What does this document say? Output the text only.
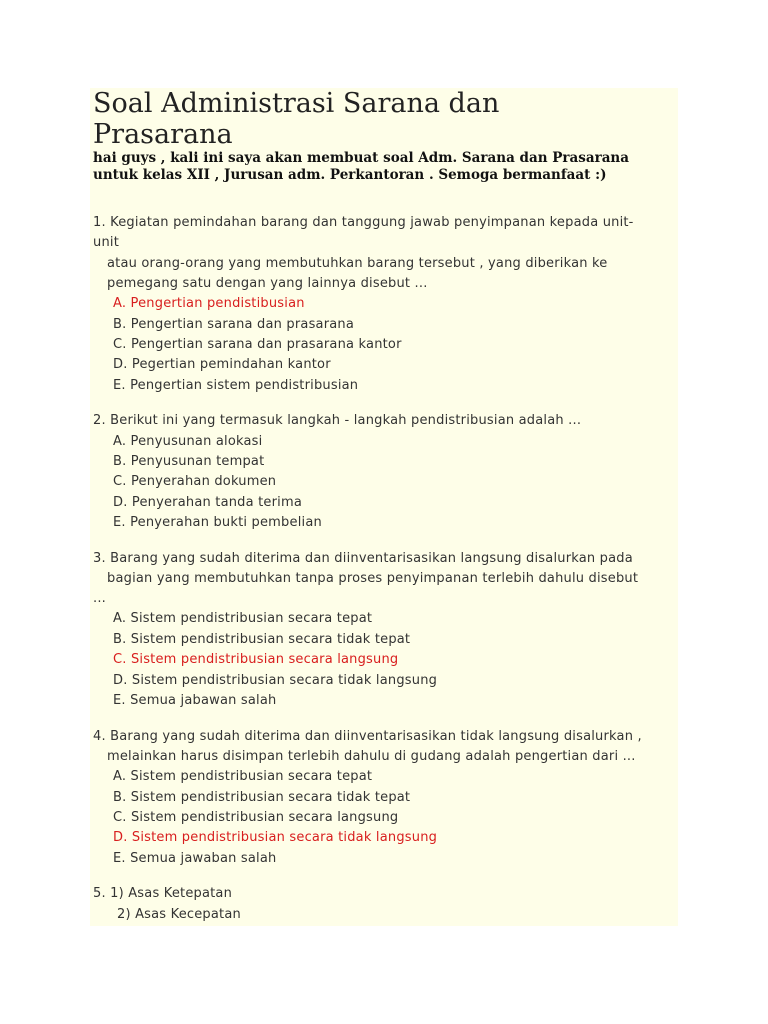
Soal Administrasi Sarana dan
Prasarana

hai guys , kali ini saya akan membuat soal Adm. Sarana dan Prasarana
untuk kelas XII , Jurusan adm. Perkantoran . Semoga bermanfaat :)

1. Kegiatan pemindahan barang dan tanggung jawab penyimpanan kepada unit-
unit
atau orang-orang yang membutuhkan barang tersebut , yang diberikan ke
pemegang satu dengan yang lainnya disebut ...
A. Pengertian pendistibusian
B. Pengertian sarana dan prasarana
C. Pengertian sarana dan prasarana kantor
D. Pegertian pemindahan kantor
E. Pengertian sistem pendistribusian
2. Berikut ini yang termasuk langkah - langkah pendistribusian adalah ...
A. Penyusunan alokasi
B. Penyusunan tempat
C. Penyerahan dokumen
D. Penyerahan tanda terima
E. Penyerahan bukti pembelian
3. Barang yang sudah diterima dan diinventarisasikan langsung disalurkan pada
bagian yang membutuhkan tanpa proses penyimpanan terlebih dahulu disebut
...
A. Sistem pendistribusian secara tepat
B. Sistem pendistribusian secara tidak tepat
C. Sistem pendistribusian secara langsung
D. Sistem pendistribusian secara tidak langsung
E. Semua jabawan salah
4. Barang yang sudah diterima dan diinventarisasikan tidak langsung disalurkan ,
melainkan harus disimpan terlebih dahulu di gudang adalah pengertian dari ...
A. Sistem pendistribusian secara tepat
B. Sistem pendistribusian secara tidak tepat
C. Sistem pendistribusian secara langsung
D. Sistem pendistribusian secara tidak langsung
E. Semua jawaban salah
5. 1) Asas Ketepatan
2) Asas Kecepatan
